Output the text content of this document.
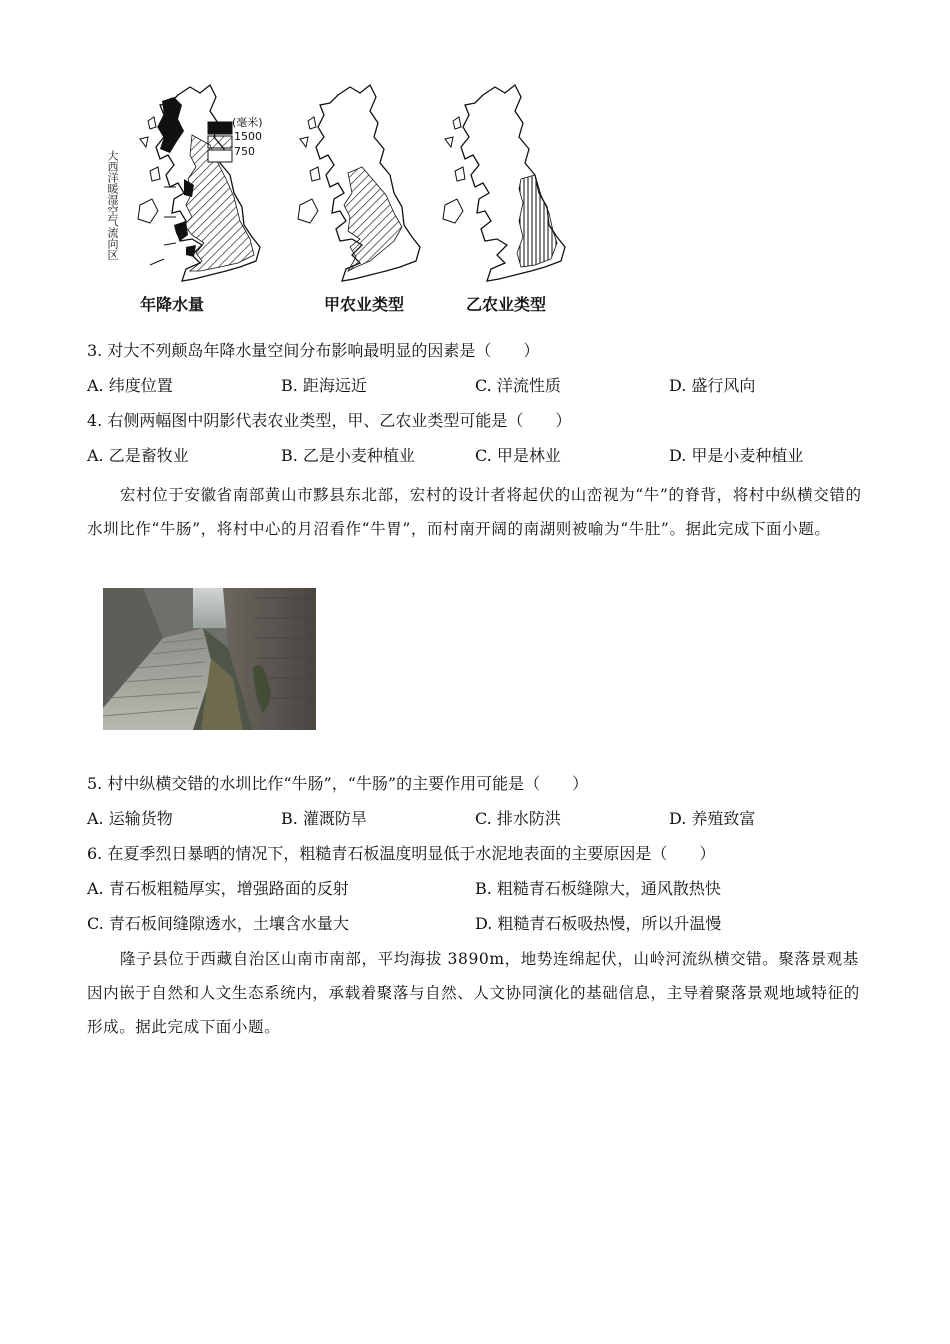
(毫米)
1500
750
大西洋暖湿空气流向区
年降水量	甲农业类型	乙农业类型
3. 对大不列颠岛年降水量空间分布影响最明显的因素是（　　）
A. 纬度位置	B. 距海远近	C. 洋流性质	D. 盛行风向
4. 右侧两幅图中阴影代表农业类型，甲、乙农业类型可能是（　　）
A. 乙是畜牧业	B. 乙是小麦种植业	C. 甲是林业	D. 甲是小麦种植业
宏村位于安徽省南部黄山市黟县东北部，宏村的设计者将起伏的山峦视为“牛”的脊背，将村中纵横交错的水圳比作“牛肠”，将村中心的月沼看作“牛胃”，而村南开阔的南湖则被喻为“牛肚”。据此完成下面小题。
5. 村中纵横交错的水圳比作“牛肠”，“牛肠”的主要作用可能是（　　）
A. 运输货物	B. 灌溉防旱	C. 排水防洪	D. 养殖致富
6. 在夏季烈日暴晒的情况下，粗糙青石板温度明显低于水泥地表面的主要原因是（　　）
A. 青石板粗糙厚实，增强路面的反射	B. 粗糙青石板缝隙大，通风散热快
C. 青石板间缝隙透水，土壤含水量大	D. 粗糙青石板吸热慢，所以升温慢
隆子县位于西藏自治区山南市南部，平均海拔 3890m，地势连绵起伏，山岭河流纵横交错。聚落景观基因内嵌于自然和人文生态系统内，承载着聚落与自然、人文协同演化的基础信息，主导着聚落景观地域特征的形成。据此完成下面小题。
